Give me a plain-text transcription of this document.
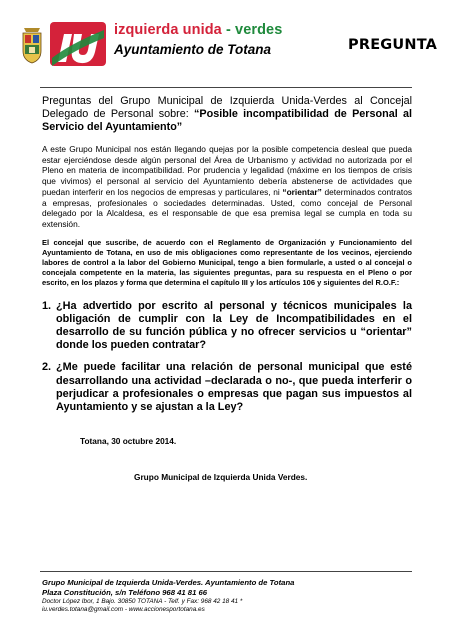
izquierda unida - verdes
Ayuntamiento de Totana	PREGUNTA

Preguntas del Grupo Municipal de Izquierda Unida-Verdes al Concejal Delegado de Personal sobre: “Posible incompatibilidad de Personal al Servicio del Ayuntamiento”

A este Grupo Municipal nos están llegando quejas por la posible competencia desleal que pueda estar ejerciéndose desde algún personal del Área de Urbanismo y actividad no autorizada por el Pleno en materia de incompatibilidad. Por prudencia y legalidad (máxime en los tiempos de crisis que vivimos) el personal al servicio del Ayuntamiento debería abstenerse de actividades que puedan interferir en los negocios de empresas y particulares, ni “orientar” determinados contratos a empresas, profesionales o sociedades determinadas. Usted, como concejal de Personal delegado por la Alcaldesa, es el responsable de que esa premisa legal se cumpla en toda su extensión.

El concejal que suscribe, de acuerdo con el Reglamento de Organización y Funcionamiento del Ayuntamiento de Totana, en uso de mis obligaciones como representante de los vecinos, ejerciendo labores de control a la labor del Gobierno Municipal, tengo a bien formularle, a usted o al concejal o concejala competente en la materia, las siguientes preguntas, para su respuesta en el Pleno o por escrito, en los plazos y forma que determina el capítulo III y los artículos 106 y siguientes del R.O.F.:

1. ¿Ha advertido por escrito al personal y técnicos municipales la obligación de cumplir con la Ley de Incompatibilidades en el desarrollo de su función pública y no ofrecer servicios u “orientar” donde los pueden contratar?
2. ¿Me puede facilitar una relación de personal municipal que esté desarrollando una actividad –declarada o no-, que pueda interferir o perjudicar a profesionales o empresas que pagan sus impuestos al Ayuntamiento y se ajustan a la Ley?
Totana, 30 octubre 2014.
Grupo Municipal de Izquierda Unida Verdes.
Grupo Municipal de Izquierda Unida-Verdes. Ayuntamiento de Totana
Plaza Constitución, s/n Teléfono 968 41 81 66
Doctor López Ibor, 1 Bajo. 30850 TOTANA - Telf. y Fax: 968 42 18 41 *
iu.verdes.totana@gmail.com - www.accionesportotana.es
